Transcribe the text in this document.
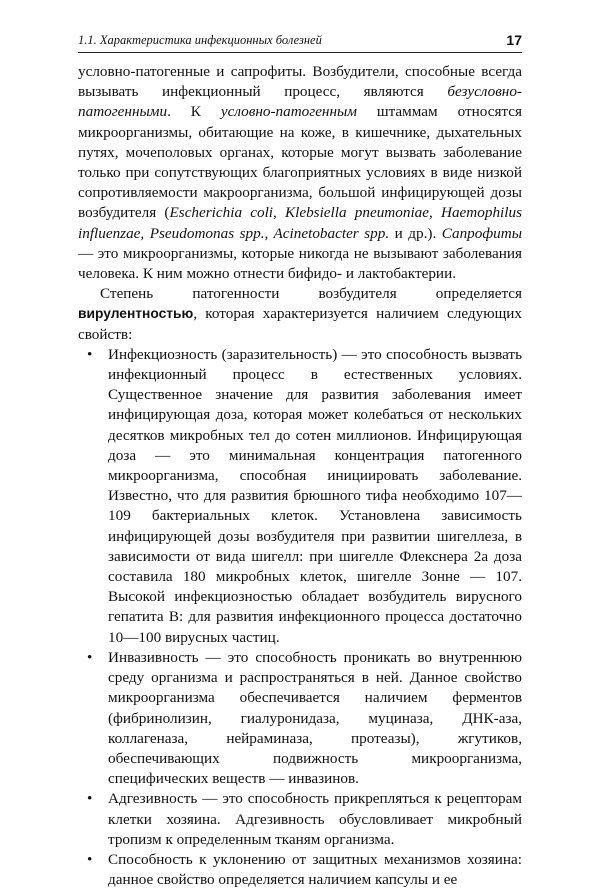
1.1. Характеристика инфекционных болезней	17

условно-патогенные и сапрофиты. Возбудители, способные всегда вызывать инфекционный процесс, являются безусловно-патогенными. К условно-патогенным штаммам относятся микроорганизмы, обитающие на коже, в кишечнике, дыхательных путях, мочеполовых органах, которые могут вызвать заболевание только при сопутствующих благоприятных условиях в виде низкой сопротивляемости макроорганизма, большой инфицирующей дозы возбудителя (Escherichia coli, Klebsiella pneumoniae, Haemophilus influenzae, Pseudomonas spp., Acinetobacter spp. и др.). Сапрофиты — это микроорганизмы, которые никогда не вызывают заболевания человека. К ним можно отнести бифидо- и лактобактерии.

Степень патогенности возбудителя определяется вирулентностью, которая характеризуется наличием следующих свойств:

• Инфекциозность (заразительность) — это способность вызвать инфекционный процесс в естественных условиях. Существенное значение для развития заболевания имеет инфицирующая доза, которая может колебаться от нескольких десятков микробных тел до сотен миллионов. Инфицирующая доза — это минимальная концентрация патогенного микроорганизма, способная инициировать заболевание. Известно, что для развития брюшного тифа необходимо 107—109 бактериальных клеток. Установлена зависимость инфицирующей дозы возбудителя при развитии шигеллеза, в зависимости от вида шигелл: при шигелле Флекснера 2а доза составила 180 микробных клеток, шигелле Зонне — 107. Высокой инфекциозностью обладает возбудитель вирусного гепатита В: для развития инфекционного процесса достаточно 10—100 вирусных частиц.
• Инвазивность — это способность проникать во внутреннюю среду организма и распространяться в ней. Данное свойство микроорганизма обеспечивается наличием ферментов (фибринолизин, гиалуронидаза, муциназа, ДНК-аза, коллагеназа, нейраминаза, протеазы), жгутиков, обеспечивающих подвижность микроорганизма, специфических веществ — инвазинов.
• Адгезивность — это способность прикрепляться к рецепторам клетки хозяина. Адгезивность обусловливает микробный тропизм к определенным тканям организма.
• Способность к уклонению от защитных механизмов хозяина: данное свойство определяется наличием капсулы и ее
